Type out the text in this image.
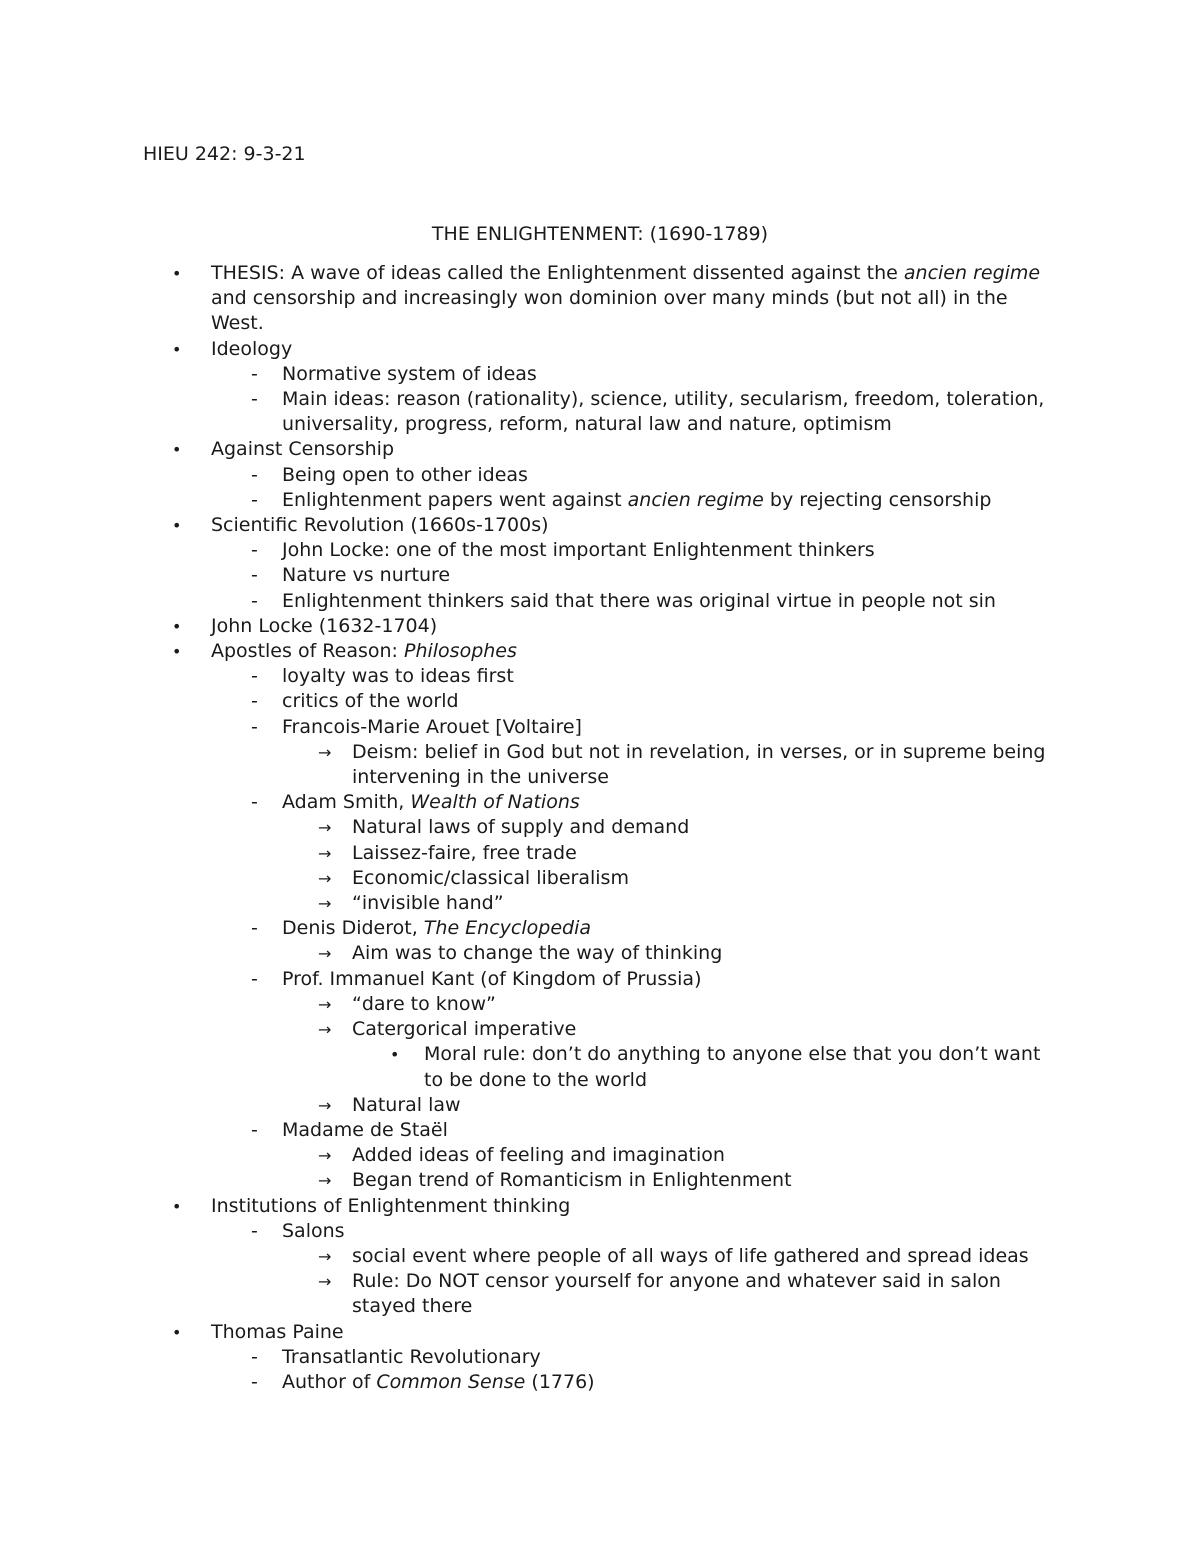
HIEU 242: 9-3-21
THE ENLIGHTENMENT: (1690-1789)
•	THESIS: A wave of ideas called the Enlightenment dissented against the ancien regime and censorship and increasingly won dominion over many minds (but not all) in the West.
•	Ideology
-	Normative system of ideas
-	Main ideas: reason (rationality), science, utility, secularism, freedom, toleration, universality, progress, reform, natural law and nature, optimism
•	Against Censorship
-	Being open to other ideas
-	Enlightenment papers went against ancien regime by rejecting censorship
•	Scientific Revolution (1660s-1700s)
-	John Locke: one of the most important Enlightenment thinkers
-	Nature vs nurture
-	Enlightenment thinkers said that there was original virtue in people not sin
•	John Locke (1632-1704)
•	Apostles of Reason: Philosophes
-	loyalty was to ideas first
-	critics of the world
-	Francois-Marie Arouet [Voltaire]
→	Deism: belief in God but not in revelation, in verses, or in supreme being intervening in the universe
-	Adam Smith, Wealth of Nations
→	Natural laws of supply and demand
→	Laissez-faire, free trade
→	Economic/classical liberalism
→	“invisible hand”
-	Denis Diderot, The Encyclopedia
→	Aim was to change the way of thinking
-	Prof. Immanuel Kant (of Kingdom of Prussia)
→	“dare to know”
→	Catergorical imperative
•	Moral rule: don’t do anything to anyone else that you don’t want to be done to the world
→	Natural law
-	Madame de Staël
→	Added ideas of feeling and imagination
→	Began trend of Romanticism in Enlightenment
•	Institutions of Enlightenment thinking
-	Salons
→	social event where people of all ways of life gathered and spread ideas
→	Rule: Do NOT censor yourself for anyone and whatever said in salon stayed there
•	Thomas Paine
-	Transatlantic Revolutionary
-	Author of Common Sense (1776)
